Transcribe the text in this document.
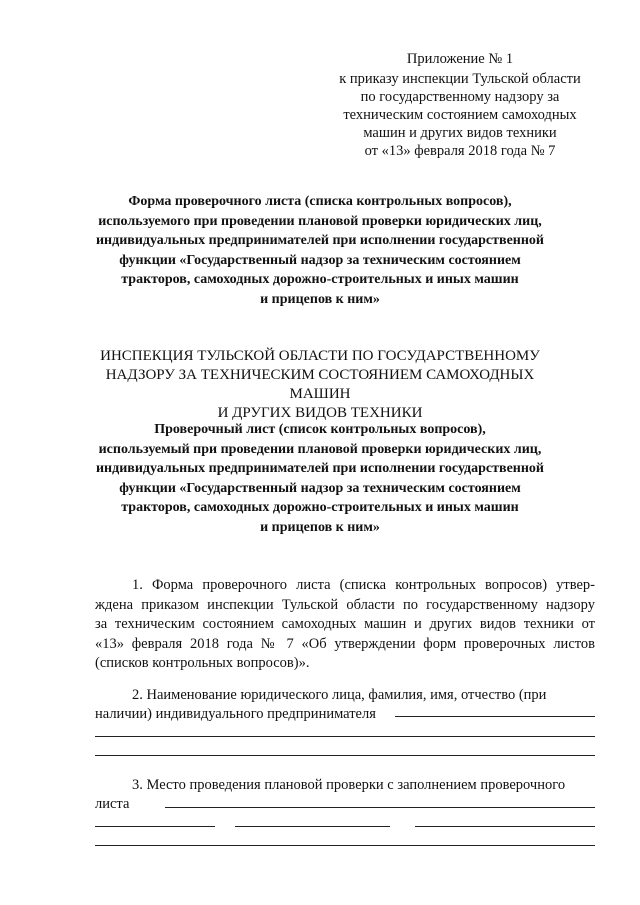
Приложение № 1
к приказу инспекции Тульской области
по государственному надзору за
техническим состоянием самоходных
машин и других видов техники
от «13» февраля 2018 года № 7
Форма проверочного листа (списка контрольных вопросов),
используемого при проведении плановой проверки юридических лиц,
индивидуальных предпринимателей при исполнении государственной
функции «Государственный надзор за техническим состоянием
тракторов, самоходных дорожно-строительных и иных машин
и прицепов к ним»
ИНСПЕКЦИЯ ТУЛЬСКОЙ ОБЛАСТИ ПО ГОСУДАРСТВЕННОМУ
НАДЗОРУ ЗА ТЕХНИЧЕСКИМ СОСТОЯНИЕМ САМОХОДНЫХ МАШИН
И ДРУГИХ ВИДОВ ТЕХНИКИ
Проверочный лист (список контрольных вопросов),
используемый при проведении плановой проверки юридических лиц,
индивидуальных предпринимателей при исполнении государственной
функции «Государственный надзор за техническим состоянием
тракторов, самоходных дорожно-строительных и иных машин
и прицепов к ним»
1. Форма проверочного листа (списка контрольных вопросов) утвер-
ждена приказом инспекции Тульской области по государственному надзору
за техническим состоянием самоходных машин и других видов техники от
«13» февраля 2018 года № 7 «Об утверждении форм проверочных листов
(списков контрольных вопросов)».
2. Наименование юридического лица, фамилия, имя, отчество (при
наличии) индивидуального предпринимателя
3. Место проведения плановой проверки с заполнением проверочного
листа
